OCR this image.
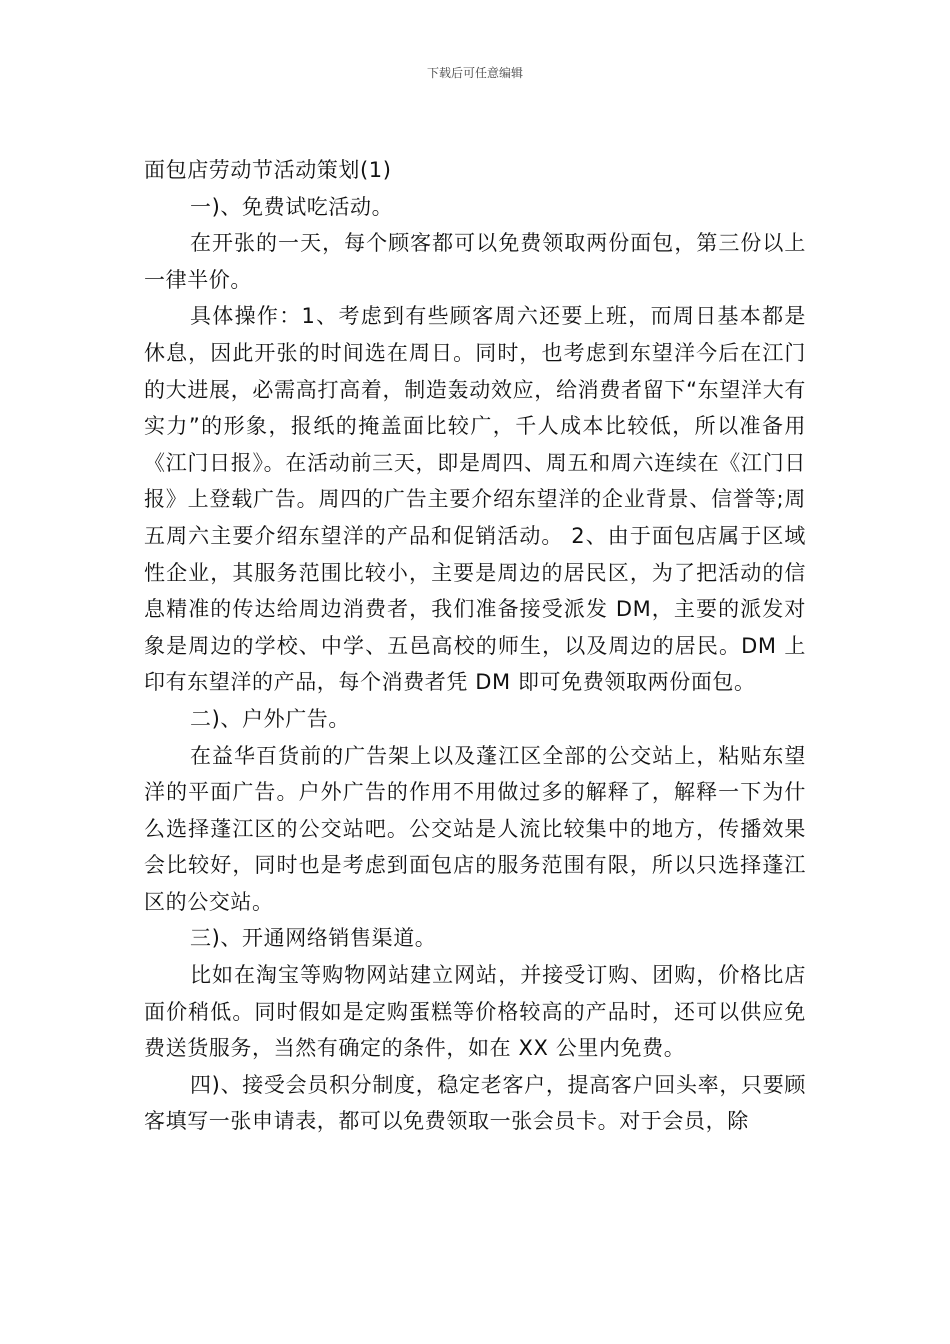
下载后可任意编辑

面包店劳动节活动策划(1)

一)、免费试吃活动。

在开张的一天，每个顾客都可以免费领取两份面包，第三份以上一律半价。

具体操作：1、考虑到有些顾客周六还要上班，而周日基本都是休息，因此开张的时间选在周日。同时，也考虑到东望洋今后在江门的大进展，必需高打高着，制造轰动效应，给消费者留下“东望洋大有实力”的形象，报纸的掩盖面比较广，千人成本比较低，所以准备用《江门日报》。在活动前三天，即是周四、周五和周六连续在《江门日报》上登载广告。周四的广告主要介绍东望洋的企业背景、信誉等;周五周六主要介绍东望洋的产品和促销活动。 2、由于面包店属于区域性企业，其服务范围比较小，主要是周边的居民区，为了把活动的信息精准的传达给周边消费者，我们准备接受派发 DM，主要的派发对象是周边的学校、中学、五邑高校的师生，以及周边的居民。DM 上印有东望洋的产品，每个消费者凭 DM 即可免费领取两份面包。

二)、户外广告。

在益华百货前的广告架上以及蓬江区全部的公交站上，粘贴东望洋的平面广告。户外广告的作用不用做过多的解释了，解释一下为什么选择蓬江区的公交站吧。公交站是人流比较集中的地方，传播效果会比较好，同时也是考虑到面包店的服务范围有限，所以只选择蓬江区的公交站。

三)、开通网络销售渠道。

比如在淘宝等购物网站建立网站，并接受订购、团购，价格比店面价稍低。同时假如是定购蛋糕等价格较高的产品时，还可以供应免费送货服务，当然有确定的条件，如在 XX 公里内免费。

四)、接受会员积分制度，稳定老客户，提高客户回头率，只要顾客填写一张申请表，都可以免费领取一张会员卡。对于会员，除
